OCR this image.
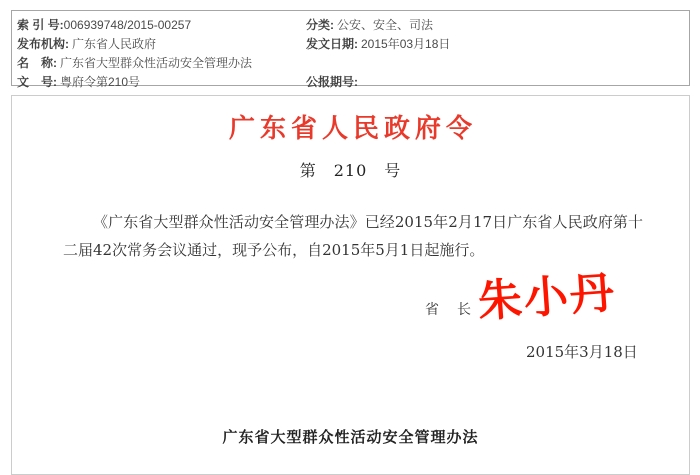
索 引 号:006939748/2015-00257	分类: 公安、安全、司法
发布机构: 广东省人民政府	发文日期: 2015年03月18日
名　称: 广东省大型群众性活动安全管理办法
文　号: 粤府令第210号	公报期号:
广东省人民政府令
第　210　号

《广东省大型群众性活动安全管理办法》已经2015年2月17日广东省人民政府第十二届42次常务会议通过，现予公布，自2015年5月1日起施行。

省　长 朱小丹
2015年3月18日
广东省大型群众性活动安全管理办法
